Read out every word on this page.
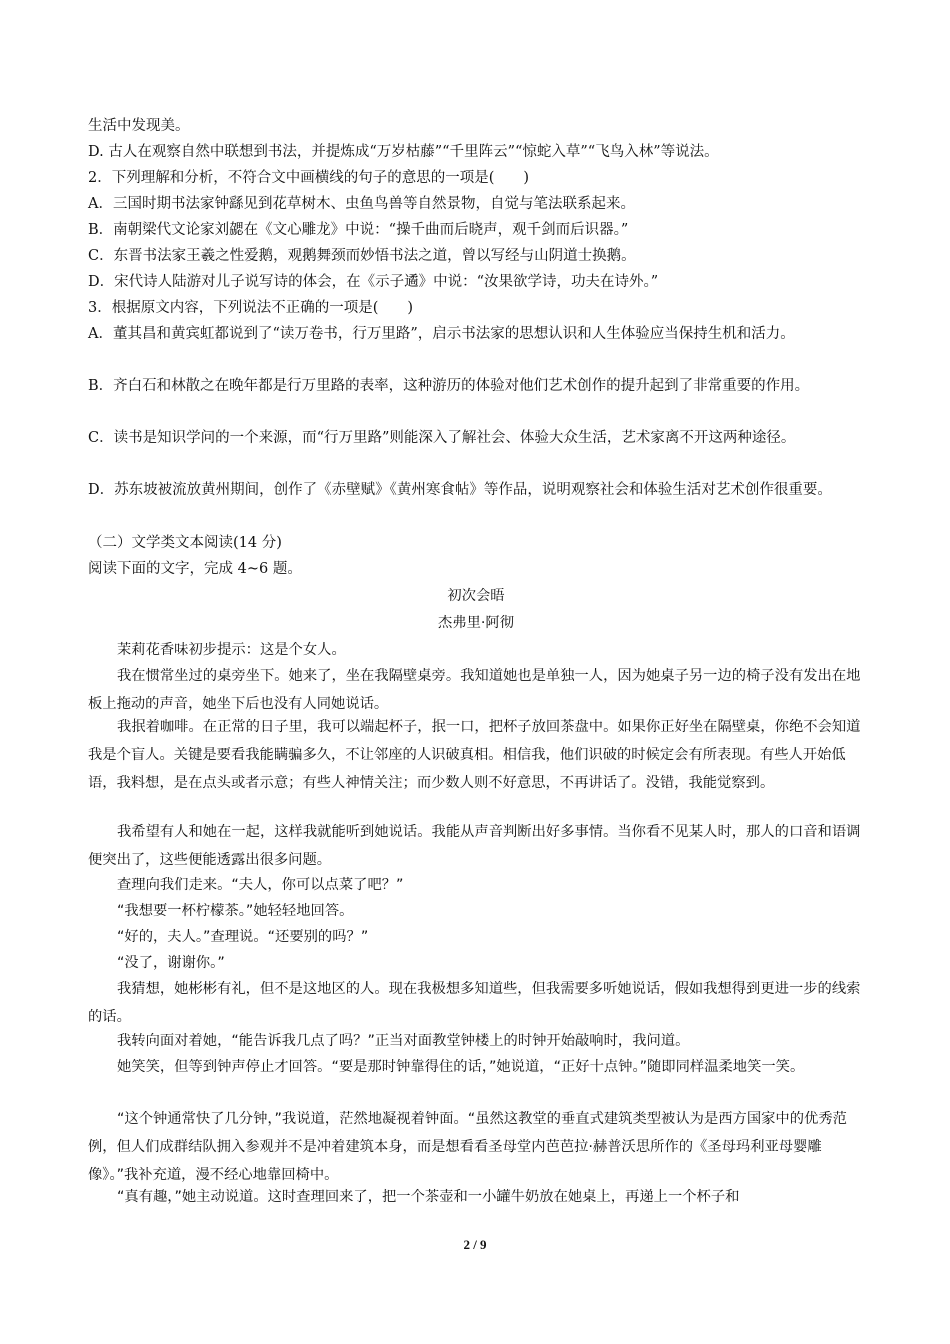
生活中发现美。
D. 古人在观察自然中联想到书法，并提炼成“万岁枯藤”“千里阵云”“惊蛇入草”“飞鸟入林”等说法。
2．下列理解和分析，不符合文中画横线的句子的意思的一项是(　　)
A．三国时期书法家钟繇见到花草树木、虫鱼鸟兽等自然景物，自觉与笔法联系起来。
B．南朝梁代文论家刘勰在《文心雕龙》中说：“操千曲而后晓声，观千剑而后识器。”
C．东晋书法家王羲之性爱鹅，观鹅舞颈而妙悟书法之道，曾以写经与山阴道士换鹅。
D．宋代诗人陆游对儿子说写诗的体会，在《示子遹》中说：“汝果欲学诗，功夫在诗外。”
3．根据原文内容，下列说法不正确的一项是(　　)
A．董其昌和黄宾虹都说到了“读万卷书，行万里路”，启示书法家的思想认识和人生体验应当保持生机和活力。
B．齐白石和林散之在晚年都是行万里路的表率，这种游历的体验对他们艺术创作的提升起到了非常重要的作用。
C．读书是知识学问的一个来源，而“行万里路”则能深入了解社会、体验大众生活，艺术家离不开这两种途径。
D．苏东坡被流放黄州期间，创作了《赤壁赋》《黄州寒食帖》等作品，说明观察社会和体验生活对艺术创作很重要。
（二）文学类文本阅读(14 分)
阅读下面的文字，完成 4~6 题。
初次会晤
杰弗里·阿彻
茉莉花香味初步提示：这是个女人。
我在惯常坐过的桌旁坐下。她来了，坐在我隔壁桌旁。我知道她也是单独一人，因为她桌子另一边的椅子没有发出在地板上拖动的声音，她坐下后也没有人同她说话。
我抿着咖啡。在正常的日子里，我可以端起杯子，抿一口，把杯子放回茶盘中。如果你正好坐在隔壁桌，你绝不会知道我是个盲人。关键是要看我能瞒骗多久，不让邻座的人识破真相。相信我，他们识破的时候定会有所表现。有些人开始低语，我料想，是在点头或者示意；有些人神情关注；而少数人则不好意思，不再讲话了。没错，我能觉察到。
我希望有人和她在一起，这样我就能听到她说话。我能从声音判断出好多事情。当你看不见某人时，那人的口音和语调便突出了，这些便能透露出很多问题。
查理向我们走来。“夫人，你可以点菜了吧？”
“我想要一杯柠檬茶。”她轻轻地回答。
“好的，夫人。”查理说。“还要别的吗？”
“没了，谢谢你。”
我猜想，她彬彬有礼，但不是这地区的人。现在我极想多知道些，但我需要多听她说话，假如我想得到更进一步的线索的话。
我转向面对着她，“能告诉我几点了吗？”正当对面教堂钟楼上的时钟开始敲响时，我问道。
她笑笑，但等到钟声停止才回答。“要是那时钟靠得住的话，”她说道，“正好十点钟。”随即同样温柔地笑一笑。
“这个钟通常快了几分钟，”我说道，茫然地凝视着钟面。“虽然这教堂的垂直式建筑类型被认为是西方国家中的优秀范例，但人们成群结队拥入参观并不是冲着建筑本身，而是想看看圣母堂内芭芭拉·赫普沃思所作的《圣母玛利亚母婴雕像》。”我补充道，漫不经心地靠回椅中。
“真有趣，”她主动说道。这时查理回来了，把一个茶壶和一小罐牛奶放在她桌上，再递上一个杯子和
2 / 9
